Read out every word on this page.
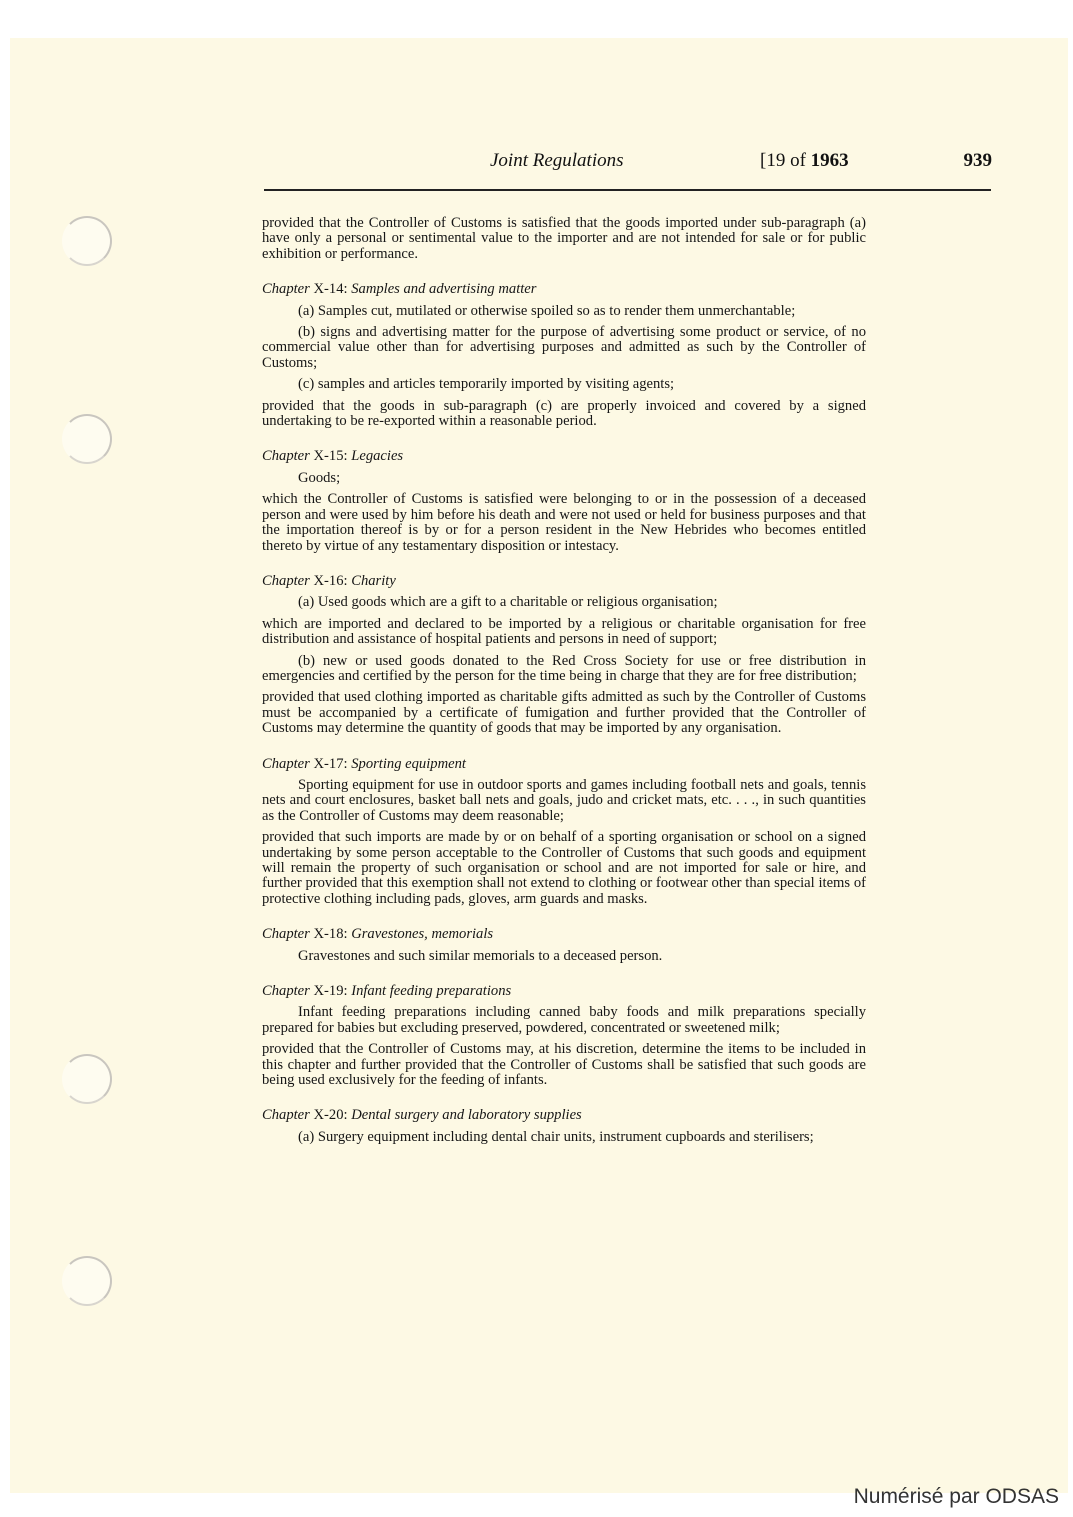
Joint Regulations	[19 of 1963	939

provided that the Controller of Customs is satisfied that the goods imported under sub-paragraph (a) have only a personal or sentimental value to the importer and are not intended for sale or for public exhibition or performance.

Chapter X-14: Samples and advertising matter

(a) Samples cut, mutilated or otherwise spoiled so as to render them unmerchantable;

(b) signs and advertising matter for the purpose of advertising some product or service, of no commercial value other than for advertising purposes and admitted as such by the Controller of Customs;

(c) samples and articles temporarily imported by visiting agents;

provided that the goods in sub-paragraph (c) are properly invoiced and covered by a signed undertaking to be re-exported within a reasonable period.

Chapter X-15: Legacies

Goods;

which the Controller of Customs is satisfied were belonging to or in the possession of a deceased person and were used by him before his death and were not used or held for business purposes and that the importation thereof is by or for a person resident in the New Hebrides who becomes entitled thereto by virtue of any testamentary disposition or intestacy.

Chapter X-16: Charity

(a) Used goods which are a gift to a charitable or religious organisation;

which are imported and declared to be imported by a religious or charitable organisation for free distribution and assistance of hospital patients and persons in need of support;

(b) new or used goods donated to the Red Cross Society for use or free distribution in emergencies and certified by the person for the time being in charge that they are for free distribution;

provided that used clothing imported as charitable gifts admitted as such by the Controller of Customs must be accompanied by a certificate of fumigation and further provided that the Controller of Customs may determine the quantity of goods that may be imported by any organisation.

Chapter X-17: Sporting equipment

Sporting equipment for use in outdoor sports and games including football nets and goals, tennis nets and court enclosures, basket ball nets and goals, judo and cricket mats, etc. . . ., in such quantities as the Controller of Customs may deem reasonable;

provided that such imports are made by or on behalf of a sporting organisation or school on a signed undertaking by some person acceptable to the Controller of Customs that such goods and equipment will remain the property of such organisation or school and are not imported for sale or hire, and further provided that this exemption shall not extend to clothing or footwear other than special items of protective clothing including pads, gloves, arm guards and masks.

Chapter X-18: Gravestones, memorials

Gravestones and such similar memorials to a deceased person.

Chapter X-19: Infant feeding preparations

Infant feeding preparations including canned baby foods and milk preparations specially prepared for babies but excluding preserved, powdered, concentrated or sweetened milk;

provided that the Controller of Customs may, at his discretion, determine the items to be included in this chapter and further provided that the Controller of Customs shall be satisfied that such goods are being used exclusively for the feeding of infants.

Chapter X-20: Dental surgery and laboratory supplies

(a) Surgery equipment including dental chair units, instrument cupboards and sterilisers;

Numérisé par ODSAS
